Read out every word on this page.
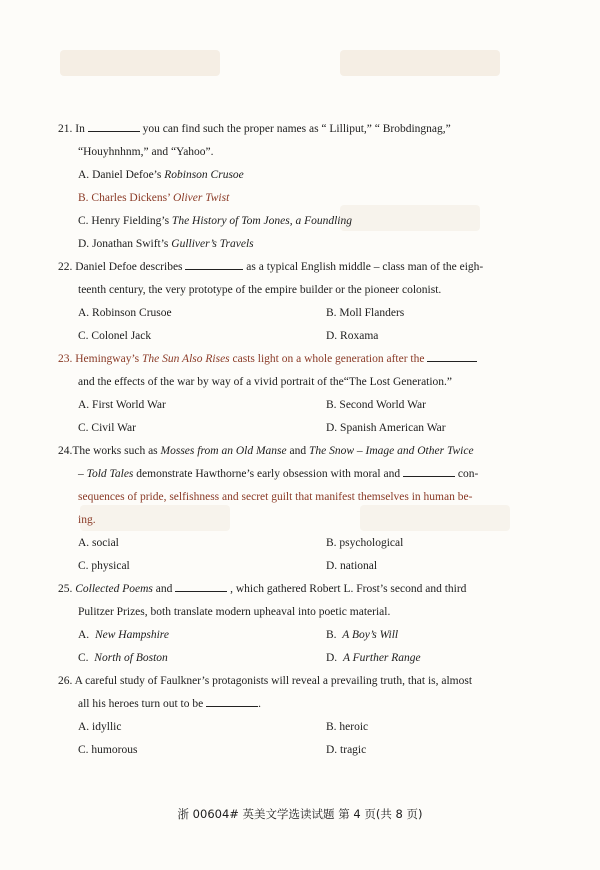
21. In	you can find such the proper names as “ Lilliput,” “ Brobdingnag,”
“Houyhnhnm,” and “Yahoo”.
A. Daniel Defoe’s Robinson Crusoe
B. Charles Dickens’ Oliver Twist
C. Henry Fielding’s The History of Tom Jones, a Foundling
D. Jonathan Swift’s Gulliver’s Travels
22. Daniel Defoe describes	as a typical English middle – class man of the eigh-
teenth century, the very prototype of the empire builder or the pioneer colonist.
A. Robinson Crusoe	B. Moll Flanders
C. Colonel Jack	D. Roxama
23. Hemingway’s The Sun Also Rises casts light on a whole generation after the
and the effects of the war by way of a vivid portrait of the“The Lost Generation.”
A. First World War	B. Second World War
C. Civil War	D. Spanish American War
24.The works such as Mosses from an Old Manse and The Snow – Image and Other Twice
– Told Tales demonstrate Hawthorne’s early obsession with moral and	con-
sequences of pride, selfishness and secret guilt that manifest themselves in human be-
ing.
A. social	B. psychological
C. physical	D. national
25. Collected Poems and	, which gathered Robert L. Frost’s second and third
Pulitzer Prizes, both translate modern upheaval into poetic material.
A. New Hampshire	B. A Boy’s Will
C. North of Boston	D. A Further Range
26. A careful study of Faulkner’s protagonists will reveal a prevailing truth, that is, almost
all his heroes turn out to be	.
A. idyllic	B. heroic
C. humorous	D. tragic
浙 00604# 英美文学选读试题 第 4 页(共 8 页)
